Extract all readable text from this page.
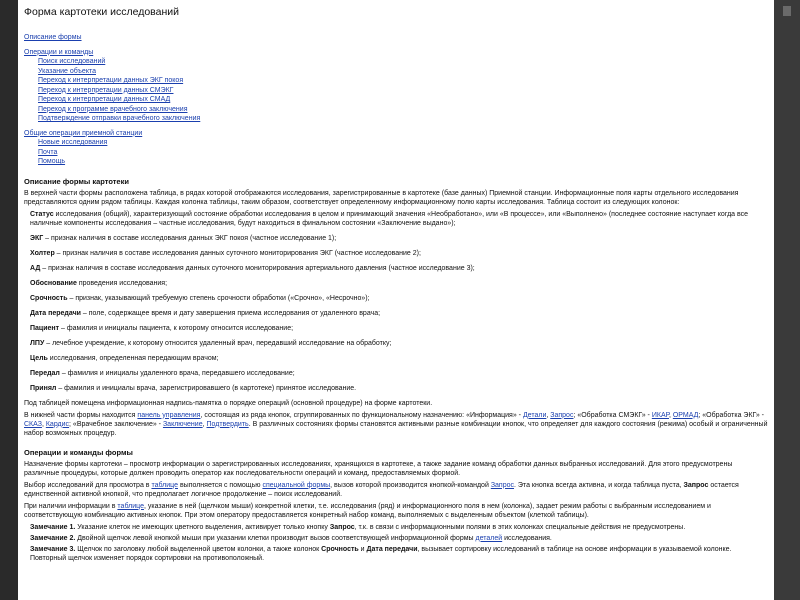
Форма картотеки исследований
Описание формы
Операции и команды
Поиск исследований
Указание объекта
Переход к интерпретации данных ЭКГ покоя
Переход к интерпретации данных СМЭКГ
Переход к интерпретации данных СМАД
Переход к программе врачебного заключения
Подтверждение отправки врачебного заключения
Общие операции приемной станции
Новые исследования
Почта
Помощь
Описание формы картотеки

В верхней части формы расположена таблица, в рядах которой отображаются исследования, зарегистрированные в картотеке (базе данных) Приемной станции. Информационные поля карты отдельного исследования представляются одним рядом таблицы. Каждая колонка таблицы, таким образом, соответствует определенному информационному полю карты исследования. Таблица состоит из следующих колонок:

Статус исследования (общий), характеризующий состояние обработки исследования в целом и принимающий значения «Необработано», или «В процессе», или «Выполнено» (последнее состояние наступает когда все наличные компоненты исследования – частные исследования, будут находиться в финальном состоянии «Заключение выдано»);
ЭКГ – признак наличия в составе исследования данных ЭКГ покоя (частное исследование 1);
Холтер – признак наличия в составе исследования данных суточного мониторирования ЭКГ (частное исследование 2);
АД – признак наличия в составе исследования данных суточного мониторирования артериального давления (частное исследование 3);
Обоснование проведения исследования;
Срочность – признак, указывающий требуемую степень срочности обработки («Срочно», «Несрочно»);
Дата передачи – поле, содержащее время и дату завершения приема исследования от удаленного врача;
Пациент – фамилия и инициалы пациента, к которому относится исследование;
ЛПУ – лечебное учреждение, к которому относится удаленный врач, передавший исследование на обработку;
Цель исследования, определенная передающим врачом;
Передал – фамилия и инициалы удаленного врача, передавшего исследование;
Принял – фамилия и инициалы врача, зарегистрировавшего (в картотеке) принятое исследование.

Под таблицей помещена информационная надпись-памятка о порядке операций (основной процедуре) на форме картотеки.

В нижней части формы находится панель управления, состоящая из ряда кнопок, сгруппированных по функциональному назначению: «Информация» - Детали, Запрос; «Обработка СМЭКГ» - ИКАР, ОРМАД; «Обработка ЭКГ» - СКАЗ, Кардис; «Врачебное заключение» - Заключение, Подтвердить. В различных состояниях формы становятся активными разные комбинации кнопок, что определяет для каждого состояния (режима) особый и ограниченный набор возможных процедур.

Операции и команды формы

Назначение формы картотеки – просмотр информации о зарегистрированных исследованиях, хранящихся в картотеке, а также задание команд обработки данных выбранных исследований. Для этого предусмотрены различные процедуры, которые должен проводить оператор как последовательности операций и команд, предоставляемых формой.

Выбор исследований для просмотра в таблице выполняется с помощью специальной формы, вызов которой производится кнопкой-командой Запрос. Эта кнопка всегда активна, и когда таблица пуста, Запрос остается единственной активной кнопкой, что предполагает логичное продолжение – поиск исследований.

При наличии информации в таблице, указание в ней (щелчком мыши) конкретной клетки, т.е. исследования (ряд) и информационного поля в нем (колонка), задает режим работы с выбранным исследованием и соответствующую комбинацию активных кнопок. При этом оператору предоставляется конкретный набор команд, выполняемых с выделенным объектом (клеткой таблицы).

Замечание 1. Указание клеток не имеющих цветного выделения, активирует только кнопку Запрос, т.к. в связи с информационными полями в этих колонках специальные действия не предусмотрены.
Замечание 2. Двойной щелчок левой кнопкой мыши при указании клетки производит вызов соответствующей информационной формы деталей исследования.
Замечание 3. Щелчок по заголовку любой выделенной цветом колонки, а также колонок Срочность и Дата передачи, вызывает сортировку исследований в таблице на основе информации в указываемой колонке. Повторный щелчок изменяет порядок сортировки на противоположный.
